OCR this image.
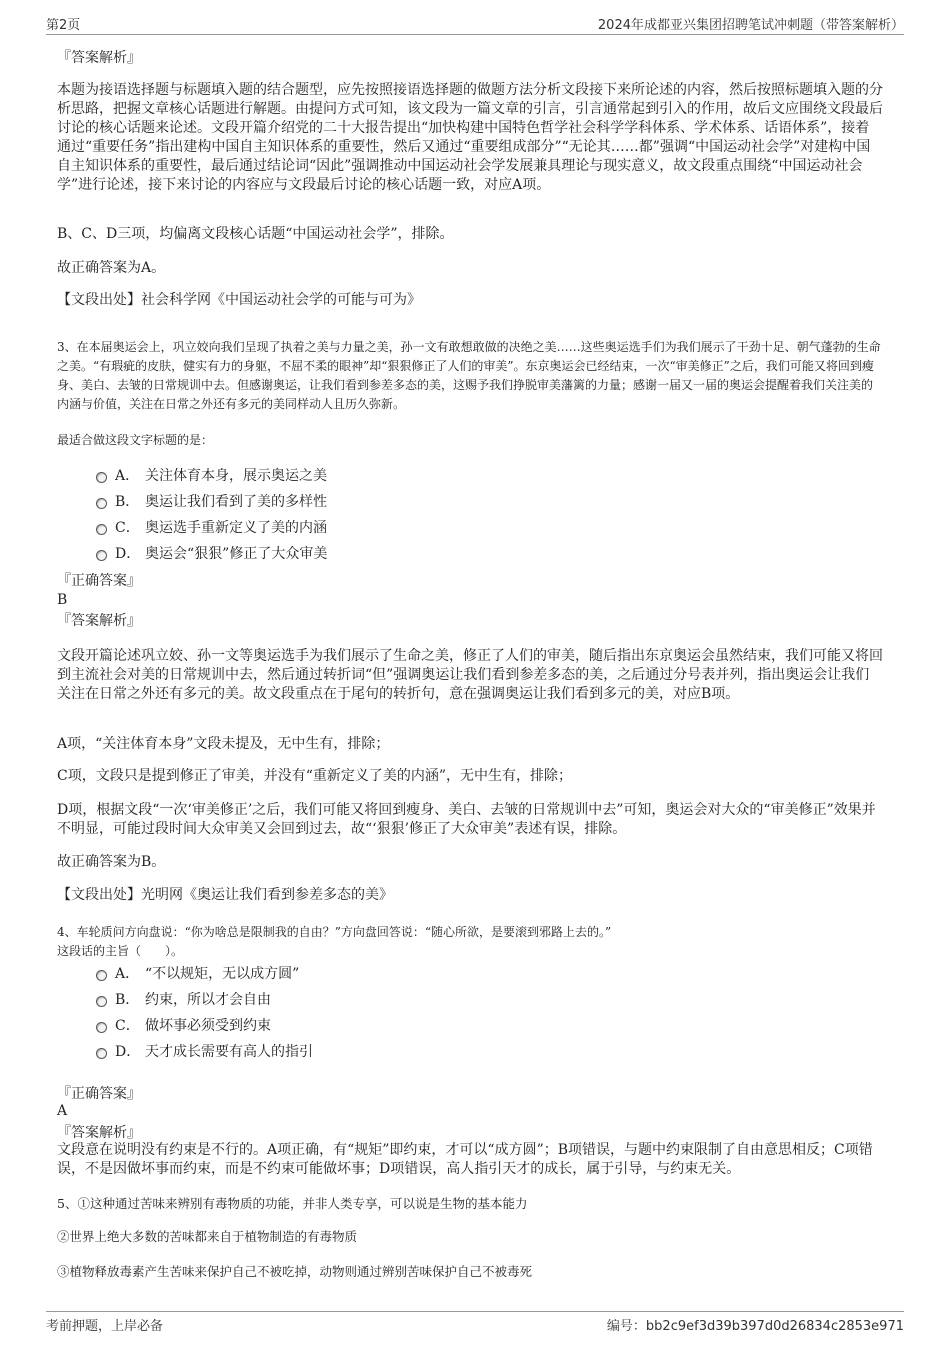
第2页	2024年成都亚兴集团招聘笔试冲刺题（带答案解析）

『答案解析』

本题为接语选择题与标题填入题的结合题型，应先按照接语选择题的做题方法分析文段接下来所论述的内容，然后按照标题填入题的分析思路，把握文章核心话题进行解题。由提问方式可知，该文段为一篇文章的引言，引言通常起到引入的作用，故后文应围绕文段最后讨论的核心话题来论述。文段开篇介绍党的二十大报告提出“加快构建中国特色哲学社会科学学科体系、学术体系、话语体系”，接着通过“重要任务”指出建构中国自主知识体系的重要性，然后又通过“重要组成部分”“无论其……都”强调“中国运动社会学”对建构中国自主知识体系的重要性，最后通过结论词“因此”强调推动中国运动社会学发展兼具理论与现实意义，故文段重点围绕“中国运动社会学”进行论述，接下来讨论的内容应与文段最后讨论的核心话题一致，对应A项。

B、C、D三项，均偏离文段核心话题“中国运动社会学”，排除。

故正确答案为A。

【文段出处】社会科学网《中国运动社会学的可能与可为》

3、在本届奥运会上，巩立姣向我们呈现了执着之美与力量之美，孙一文有敢想敢做的决绝之美……这些奥运选手们为我们展示了干劲十足、朝气蓬勃的生命之美。“有瑕疵的皮肤，健实有力的身躯，不屈不柔的眼神”却“狠狠修正了人们的审美”。东京奥运会已经结束，一次“审美修正”之后，我们可能又将回到瘦身、美白、去皱的日常规训中去。但感谢奥运，让我们看到参差多态的美，这赐予我们挣脱审美藩篱的力量；感谢一届又一届的奥运会提醒着我们关注美的内涵与价值，关注在日常之外还有多元的美同样动人且历久弥新。

最适合做这段文字标题的是：

A． 关注体育本身，展示奥运之美
B． 奥运让我们看到了美的多样性
C． 奥运选手重新定义了美的内涵
D． 奥运会“狠狠”修正了大众审美

『正确答案』

B

『答案解析』

文段开篇论述巩立姣、孙一文等奥运选手为我们展示了生命之美，修正了人们的审美，随后指出东京奥运会虽然结束，我们可能又将回到主流社会对美的日常规训中去，然后通过转折词“但”强调奥运让我们看到参差多态的美，之后通过分号表并列，指出奥运会让我们关注在日常之外还有多元的美。故文段重点在于尾句的转折句，意在强调奥运让我们看到多元的美，对应B项。

A项，“关注体育本身”文段未提及，无中生有，排除；

C项，文段只是提到修正了审美，并没有“重新定义了美的内涵”，无中生有，排除；

D项，根据文段“一次‘审美修正’之后，我们可能又将回到瘦身、美白、去皱的日常规训中去”可知，奥运会对大众的“审美修正”效果并不明显，可能过段时间大众审美又会回到过去，故“‘狠狠’修正了大众审美”表述有误，排除。

故正确答案为B。

【文段出处】光明网《奥运让我们看到参差多态的美》

4、车轮质问方向盘说：“你为啥总是限制我的自由？”方向盘回答说：“随心所欲，是要滚到邪路上去的。”

这段话的主旨（　　）。

A． “不以规矩，无以成方圆”
B． 约束，所以才会自由
C． 做坏事必须受到约束
D． 天才成长需要有高人的指引

『正确答案』

A

『答案解析』

文段意在说明没有约束是不行的。A项正确，有“规矩”即约束，才可以“成方圆”；B项错误，与题中约束限制了自由意思相反；C项错误，不是因做坏事而约束，而是不约束可能做坏事；D项错误，高人指引天才的成长，属于引导，与约束无关。

5、①这种通过苦味来辨别有毒物质的功能，并非人类专享，可以说是生物的基本能力

②世界上绝大多数的苦味都来自于植物制造的有毒物质

③植物释放毒素产生苦味来保护自己不被吃掉，动物则通过辨别苦味保护自己不被毒死

考前押题，上岸必备	编号：bb2c9ef3d39b397d0d26834c2853e971
